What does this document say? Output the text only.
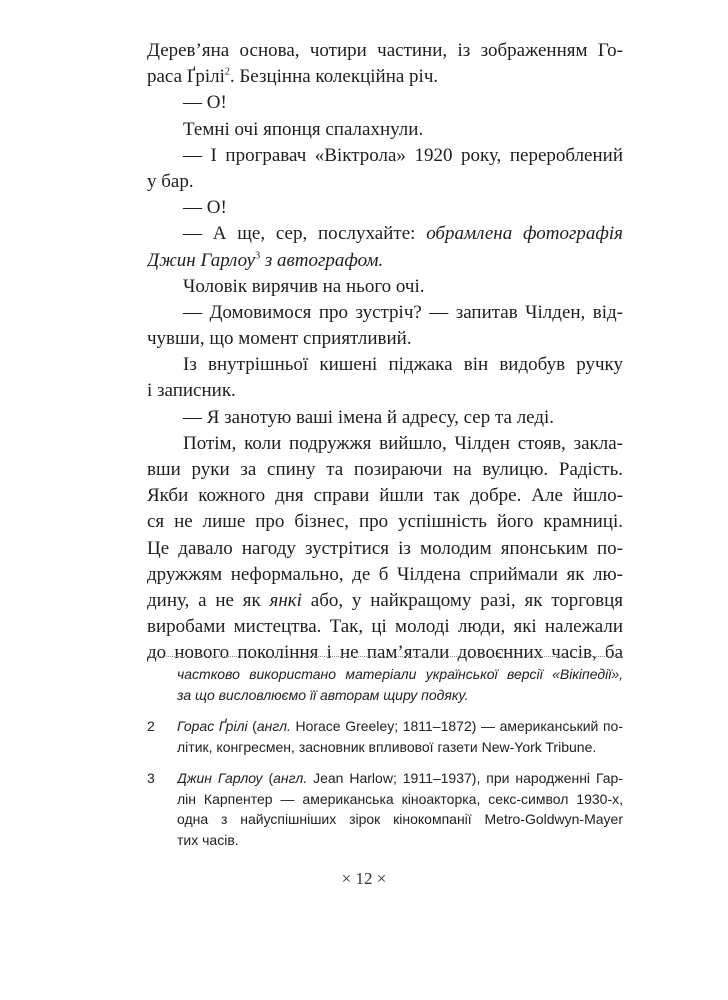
Дерев’яна основа, чотири частини, із зображенням Го-
раса Ґрілі$^2$. Безцінна колекційна річ.
— О!
Темні очі японця спалахнули.
— І програвач «Віктрола» 1920 року, перероблений
у бар.
— О!
— А ще, сер, послухайте: обрамлена фотографія
Джин Гарлоу$^3$ з автографом.
Чоловік вирячив на нього очі.
— Домовимося про зустріч? — запитав Чілден, від-
чувши, що момент сприятливий.
Із внутрішньої кишені піджака він видобув ручку
і записник.
— Я занотую ваші імена й адресу, сер та леді.
Потім, коли подружжя вийшло, Чілден стояв, закла-
вши руки за спину та позираючи на вулицю. Радість.
Якби кожного дня справи йшли так добре. Але йшло-
ся не лише про бізнес, про успішність його крамниці.
Це давало нагоду зустрітися із молодим японським по-
дружжям неформально, де б Чілдена сприймали як лю-
дину, а не як янкі або, у найкращому разі, як торговця
виробами мистецтва. Так, ці молоді люди, які належали
до нового покоління і не пам’ятали довоєнних часів, ба
частково використано матеріали української версії «Вікіпедії»,
за що висловлюємо її авторам щиру подяку.
2 Горас Ґрілі (англ. Horace Greeley; 1811–1872) — американський по-
літик, конгресмен, засновник впливової газети New-York Tribune.
3 Джин Гарлоу (англ. Jean Harlow; 1911–1937), при народженні Гар-
лін Карпентер — американська кіноакторка, секс-символ 1930-х,
одна з найуспішніших зірок кінокомпанії Metro-Goldwyn-Mayer
тих часів.
× 12 ×
